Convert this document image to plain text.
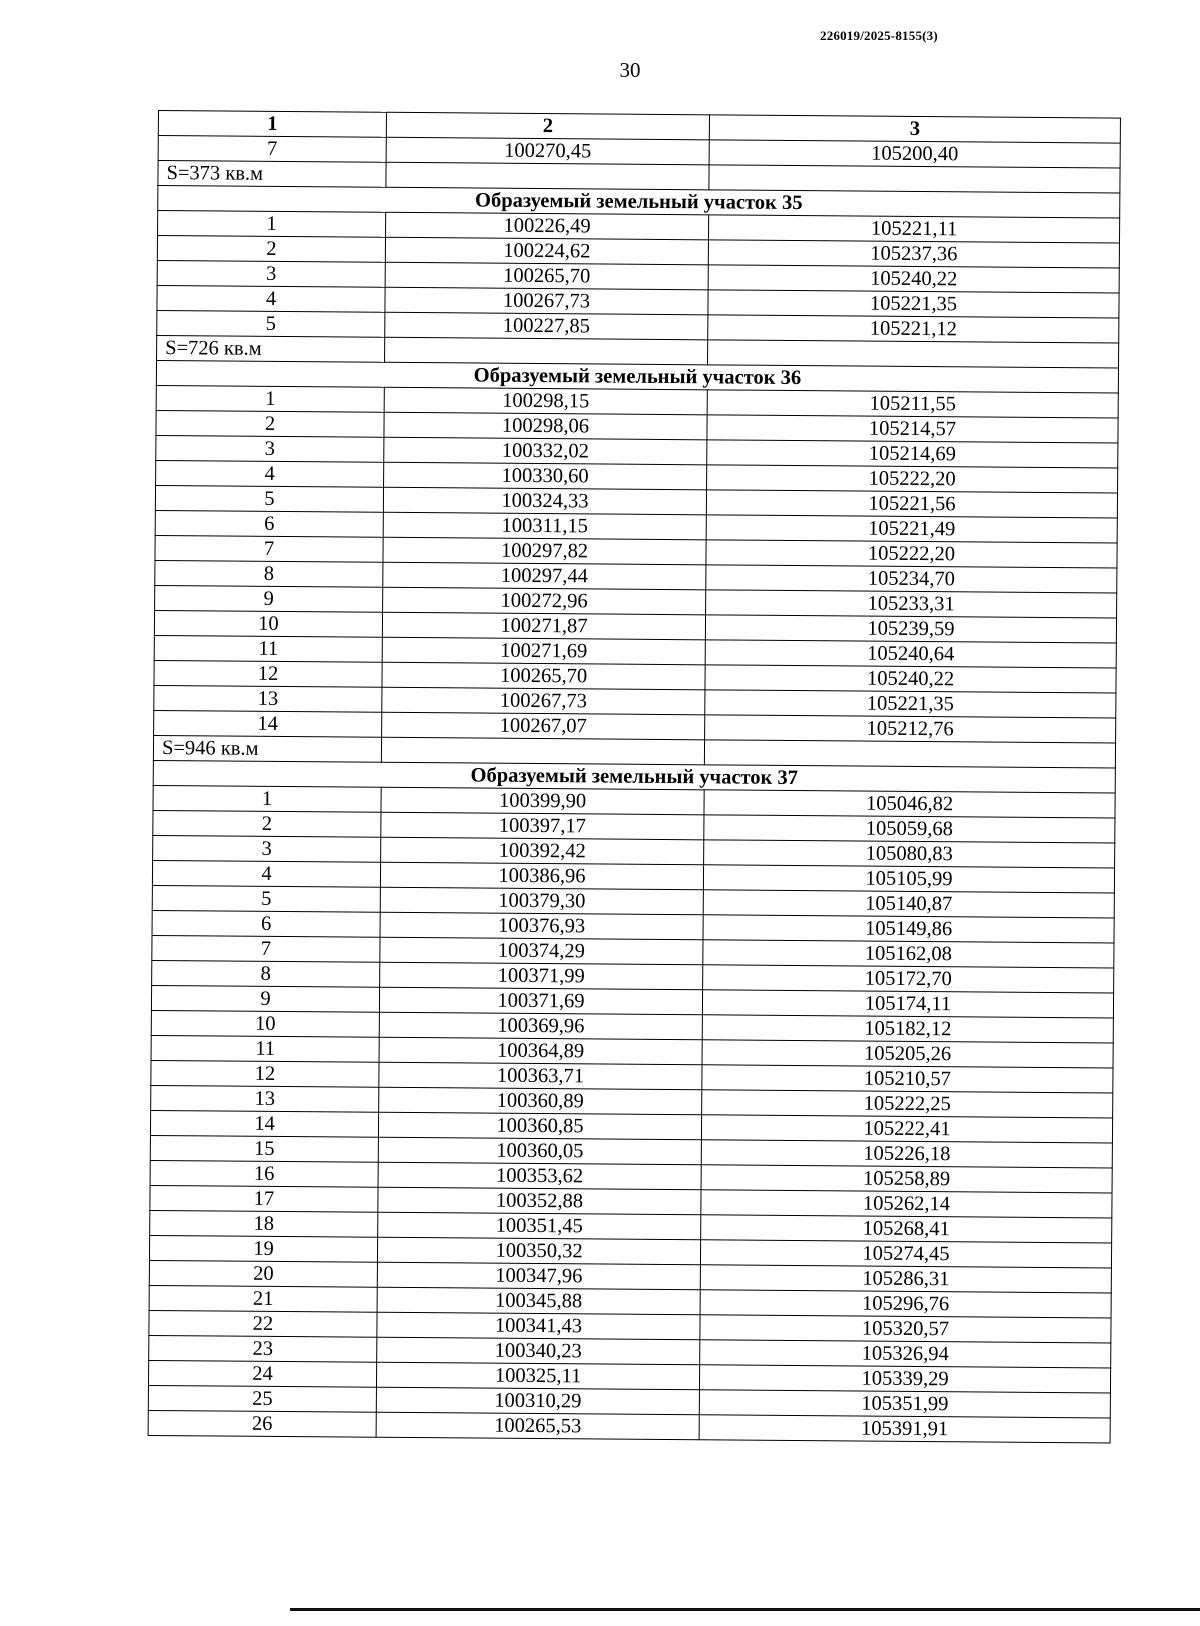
226019/2025-8155(3)
30
1	2	3
7	100270,45	105200,40
S=373 кв.м		
Образуемый земельный участок 35		
1	100226,49	105221,11
2	100224,62	105237,36
3	100265,70	105240,22
4	100267,73	105221,35
5	100227,85	105221,12
S=726 кв.м		
Образуемый земельный участок 36		
1	100298,15	105211,55
2	100298,06	105214,57
3	100332,02	105214,69
4	100330,60	105222,20
5	100324,33	105221,56
6	100311,15	105221,49
7	100297,82	105222,20
8	100297,44	105234,70
9	100272,96	105233,31
10	100271,87	105239,59
11	100271,69	105240,64
12	100265,70	105240,22
13	100267,73	105221,35
14	100267,07	105212,76
S=946 кв.м		
Образуемый земельный участок 37		
1	100399,90	105046,82
2	100397,17	105059,68
3	100392,42	105080,83
4	100386,96	105105,99
5	100379,30	105140,87
6	100376,93	105149,86
7	100374,29	105162,08
8	100371,99	105172,70
9	100371,69	105174,11
10	100369,96	105182,12
11	100364,89	105205,26
12	100363,71	105210,57
13	100360,89	105222,25
14	100360,85	105222,41
15	100360,05	105226,18
16	100353,62	105258,89
17	100352,88	105262,14
18	100351,45	105268,41
19	100350,32	105274,45
20	100347,96	105286,31
21	100345,88	105296,76
22	100341,43	105320,57
23	100340,23	105326,94
24	100325,11	105339,29
25	100310,29	105351,99
26	100265,53	105391,91
